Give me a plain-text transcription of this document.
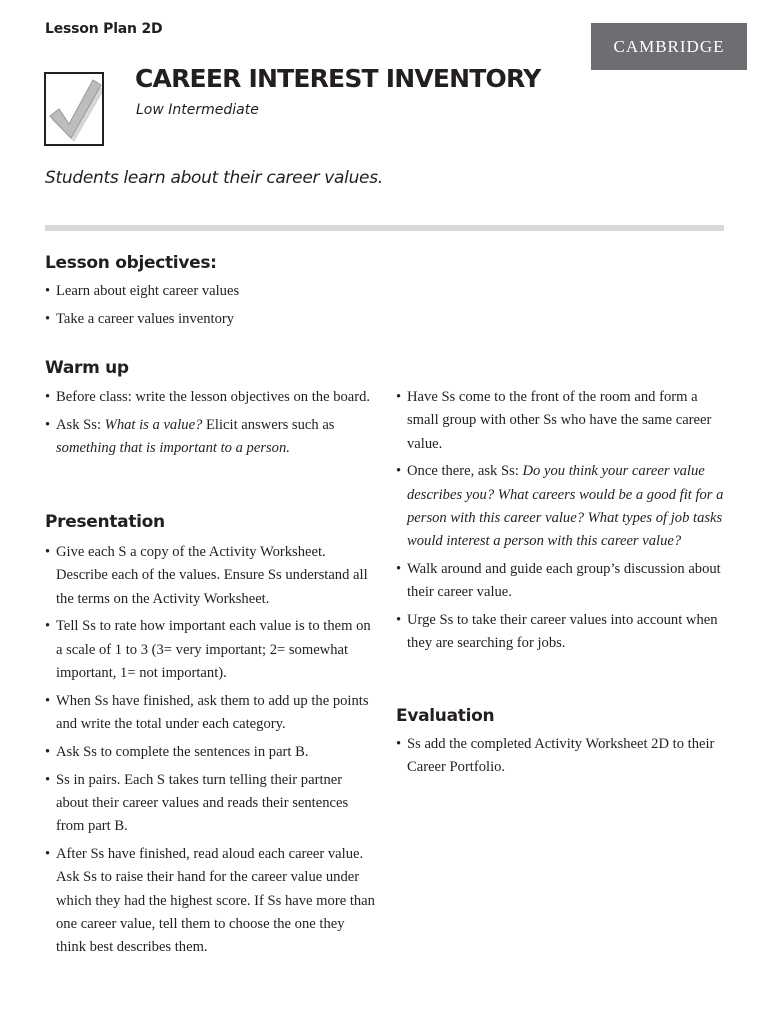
Lesson Plan 2D
CAMBRIDGE
CAREER INTEREST INVENTORY
Low Intermediate
Students learn about their career values.
Lesson objectives:
• Learn about eight career values
• Take a career values inventory
Warm up
• Before class: write the lesson objectives on the board.
• Ask Ss: What is a value? Elicit answers such as something that is important to a person.
Presentation
• Give each S a copy of the Activity Worksheet. Describe each of the values. Ensure Ss understand all the terms on the Activity Worksheet.
• Tell Ss to rate how important each value is to them on a scale of 1 to 3 (3= very important; 2= somewhat important, 1= not important).
• When Ss have finished, ask them to add up the points and write the total under each category.
• Ask Ss to complete the sentences in part B.
• Ss in pairs. Each S takes turn telling their partner about their career values and reads their sentences from part B.
• After Ss have finished, read aloud each career value. Ask Ss to raise their hand for the career value under which they had the highest score. If Ss have more than one career value, tell them to choose the one they think best describes them.
• Have Ss come to the front of the room and form a small group with other Ss who have the same career value.
• Once there, ask Ss: Do you think your career value describes you? What careers would be a good fit for a person with this career value? What types of job tasks would interest a person with this career value?
• Walk around and guide each group’s discussion about their career value.
• Urge Ss to take their career values into account when they are searching for jobs.
Evaluation
• Ss add the completed Activity Worksheet 2D to their Career Portfolio.
